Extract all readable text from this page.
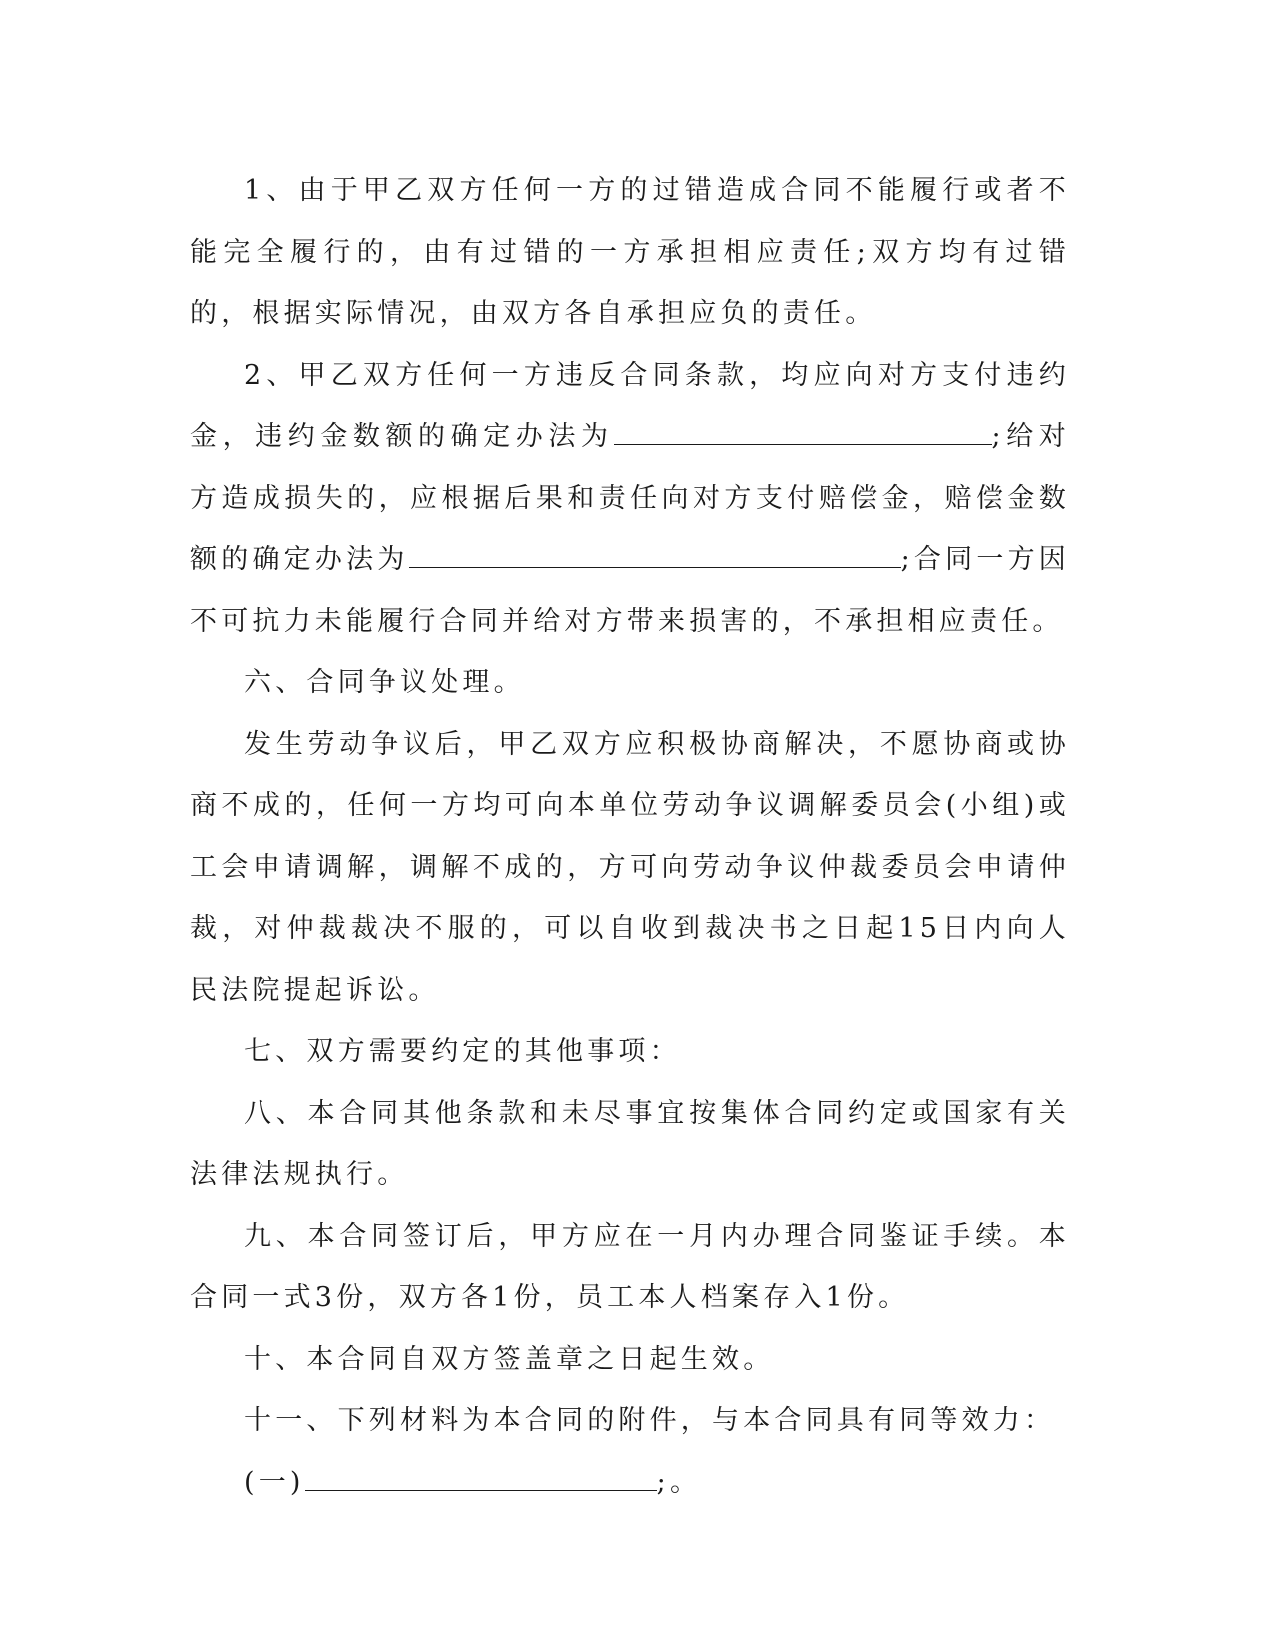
1、由于甲乙双方任何一方的过错造成合同不能履行或者不能完全履行的，由有过错的一方承担相应责任;双方均有过错的，根据实际情况，由双方各自承担应负的责任。

2、甲乙双方任何一方违反合同条款，均应向对方支付违约金，违约金数额的确定办法为	;给对方造成损失的，应根据后果和责任向对方支付赔偿金，赔偿金数额的确定办法为	;合同一方因不可抗力未能履行合同并给对方带来损害的，不承担相应责任。

六、合同争议处理。

发生劳动争议后，甲乙双方应积极协商解决，不愿协商或协商不成的，任何一方均可向本单位劳动争议调解委员会(小组)或工会申请调解，调解不成的，方可向劳动争议仲裁委员会申请仲裁，对仲裁裁决不服的，可以自收到裁决书之日起15日内向人民法院提起诉讼。

七、双方需要约定的其他事项：

八、本合同其他条款和未尽事宜按集体合同约定或国家有关法律法规执行。

九、本合同签订后，甲方应在一月内办理合同鉴证手续。本合同一式3份，双方各1份，员工本人档案存入1份。

十、本合同自双方签盖章之日起生效。

十一、下列材料为本合同的附件，与本合同具有同等效力：

(一)	;。
